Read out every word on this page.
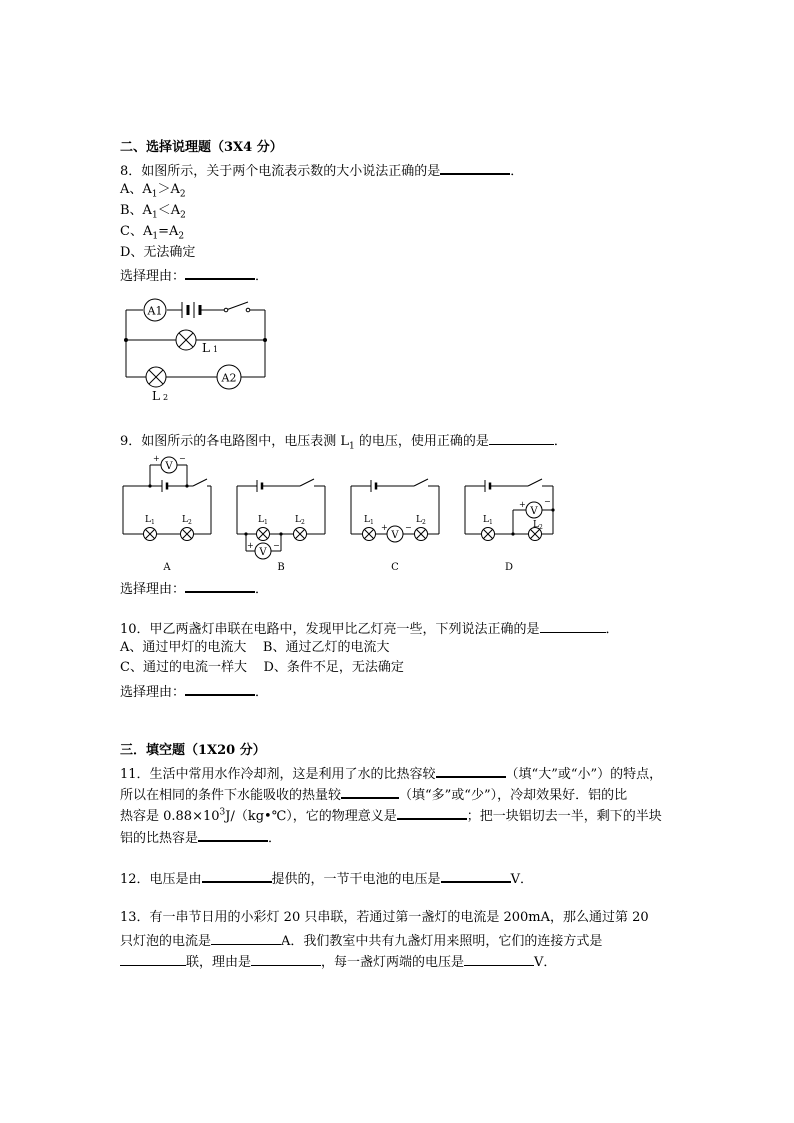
二、选择说理题（3X4 分）
8．如图所示，关于两个电流表示数的大小说法正确的是	．
A、$A_1>A_2$
B、$A_1<A_2$
C、$A_1=A_2$
D、无法确定
选择理由：	．
A1
L 1
L 2
A2
9．如图所示的各电路图中，电压表测 $L_1$ 的电压，使用正确的是	．
V
+ −
$L_1$	$L_2$
A
$L_1$	$L_2$
V
+ −
B
V
+ −
$L_1$	$L_2$
C
V
+ −
$L_1$	$L_2$
D
选择理由：	．
10．甲乙两盏灯串联在电路中，发现甲比乙灯亮一些，下列说法正确的是	．
A、通过甲灯的电流大    B、通过乙灯的电流大
C、通过的电流一样大    D、条件不足，无法确定
选择理由：	．
三．填空题（1X20 分）
11．生活中常用水作冷却剂，这是利用了水的比热容较	（填“大”或“小”）的特点，
所以在相同的条件下水能吸收的热量较	（填“多”或“少”），冷却效果好．铝的比
热容是 $0.88\times 10^3J/(kg•℃)$，它的物理意义是	；把一块铝切去一半，剩下的半块
铝的比热容是	．
12．电压是由	提供的，一节干电池的电压是	V．
13．有一串节日用的小彩灯 20 只串联，若通过第一盏灯的电流是 200mA，那么通过第 20
只灯泡的电流是	A．我们教室中共有九盏灯用来照明，它们的连接方式是
联，理由是	，每一盏灯两端的电压是	V．
